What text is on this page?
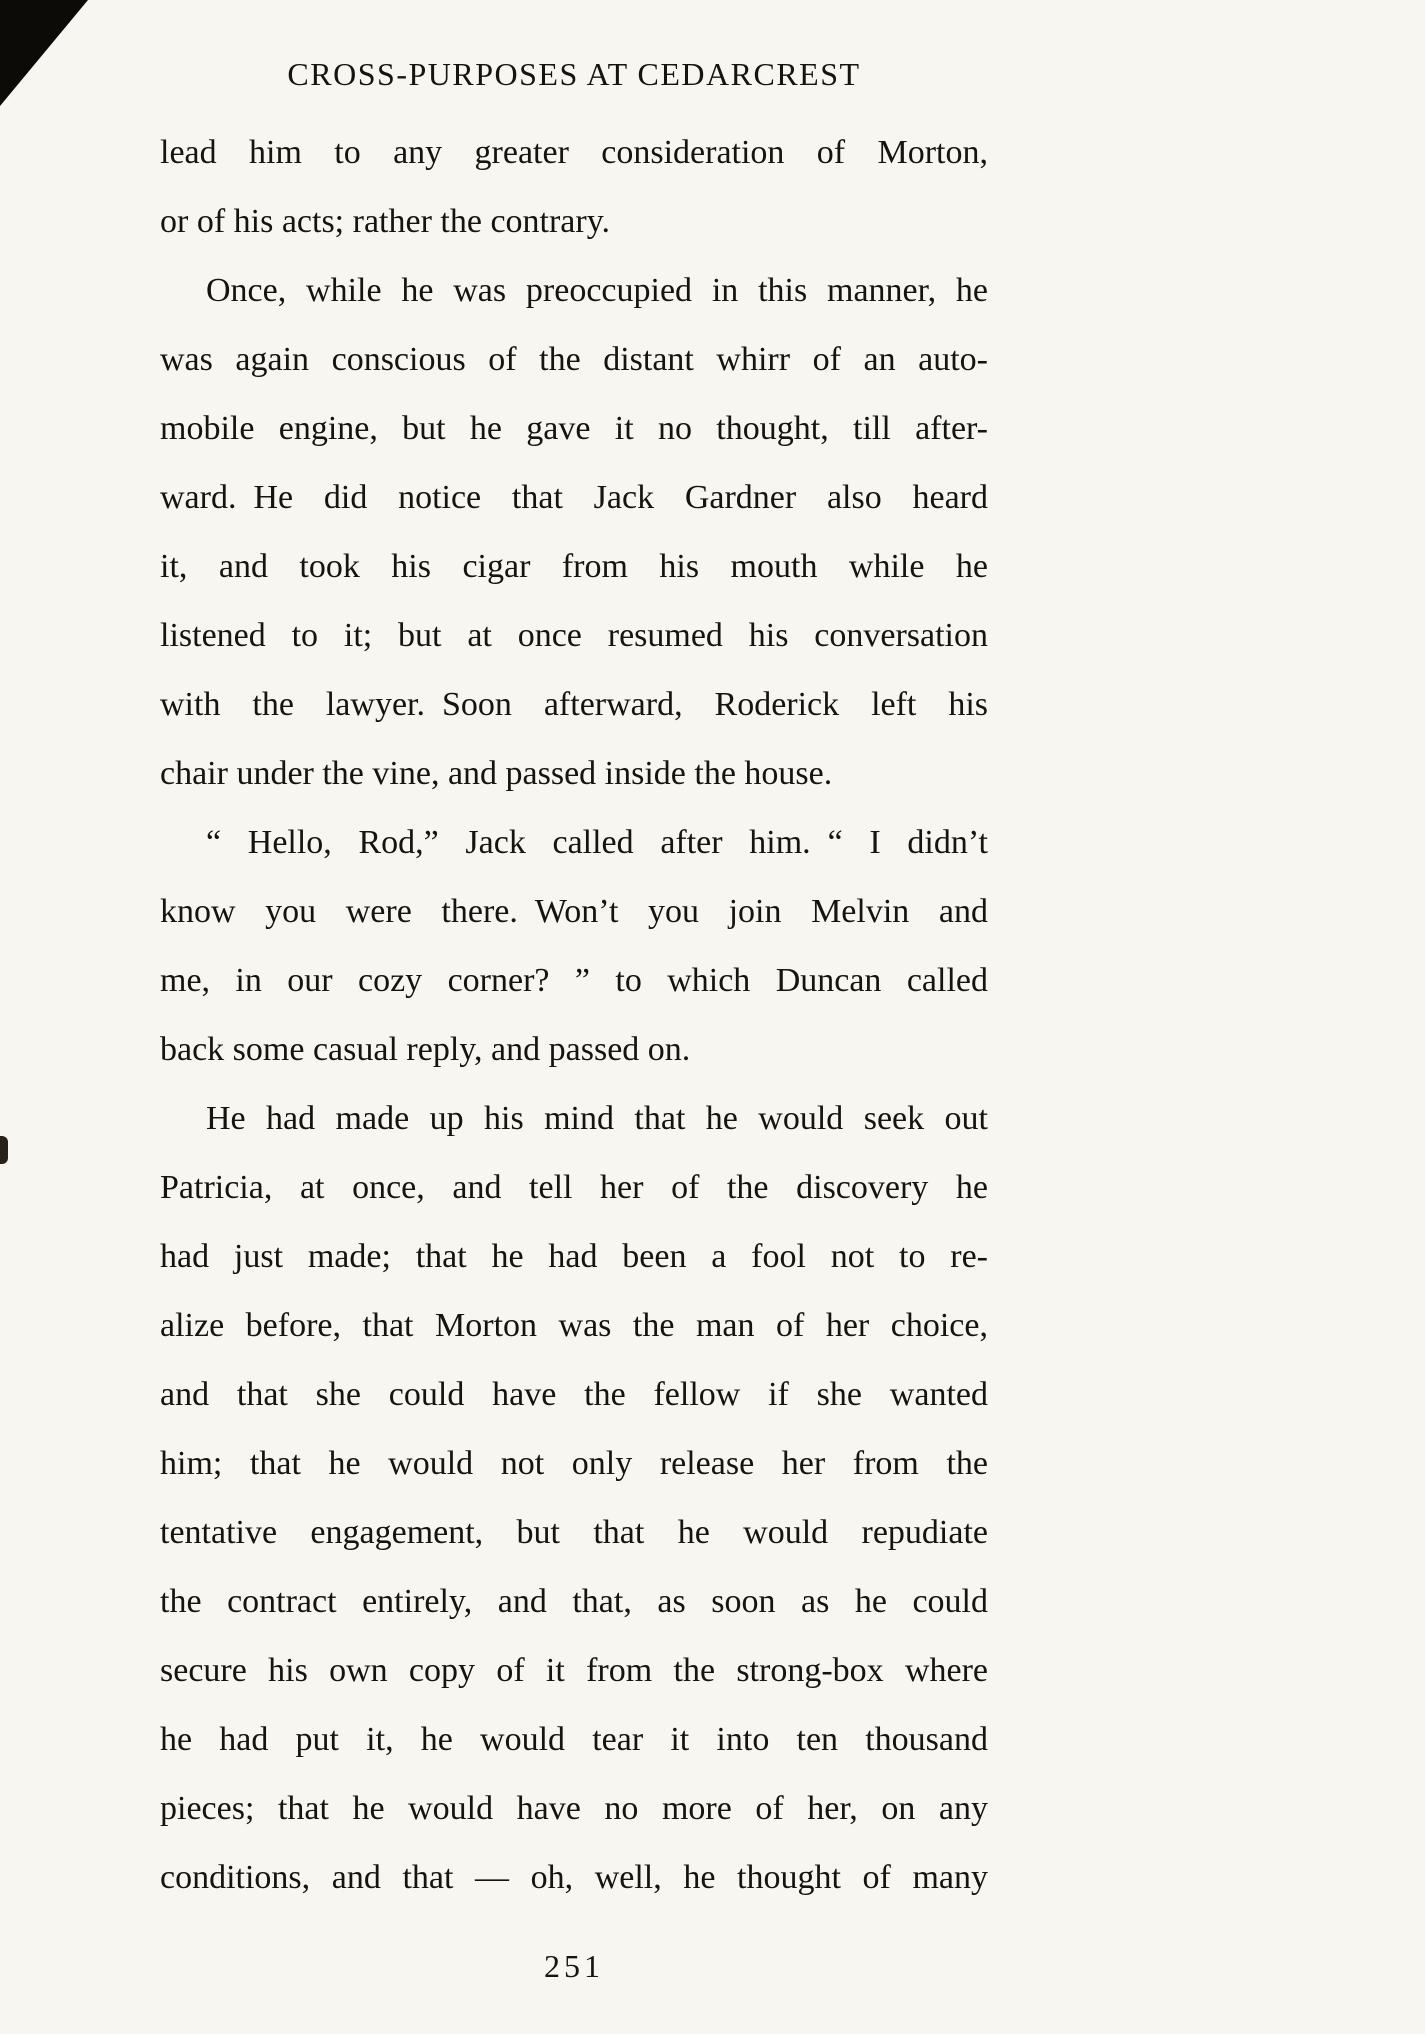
CROSS-PURPOSES AT CEDARCREST
lead him to any greater consideration of Morton,
or of his acts; rather the contrary.
Once, while he was preoccupied in this manner, he
was again conscious of the distant whirr of an auto-
mobile engine, but he gave it no thought, till after-
ward. He did notice that Jack Gardner also heard
it, and took his cigar from his mouth while he
listened to it; but at once resumed his conversation
with the lawyer. Soon afterward, Roderick left his
chair under the vine, and passed inside the house.
“ Hello, Rod,” Jack called after him. “ I didn’t
know you were there. Won’t you join Melvin and
me, in our cozy corner? ” to which Duncan called
back some casual reply, and passed on.
He had made up his mind that he would seek out
Patricia, at once, and tell her of the discovery he
had just made; that he had been a fool not to re-
alize before, that Morton was the man of her choice,
and that she could have the fellow if she wanted
him; that he would not only release her from the
tentative engagement, but that he would repudiate
the contract entirely, and that, as soon as he could
secure his own copy of it from the strong-box where
he had put it, he would tear it into ten thousand
pieces; that he would have no more of her, on any
conditions, and that — oh, well, he thought of many
251
